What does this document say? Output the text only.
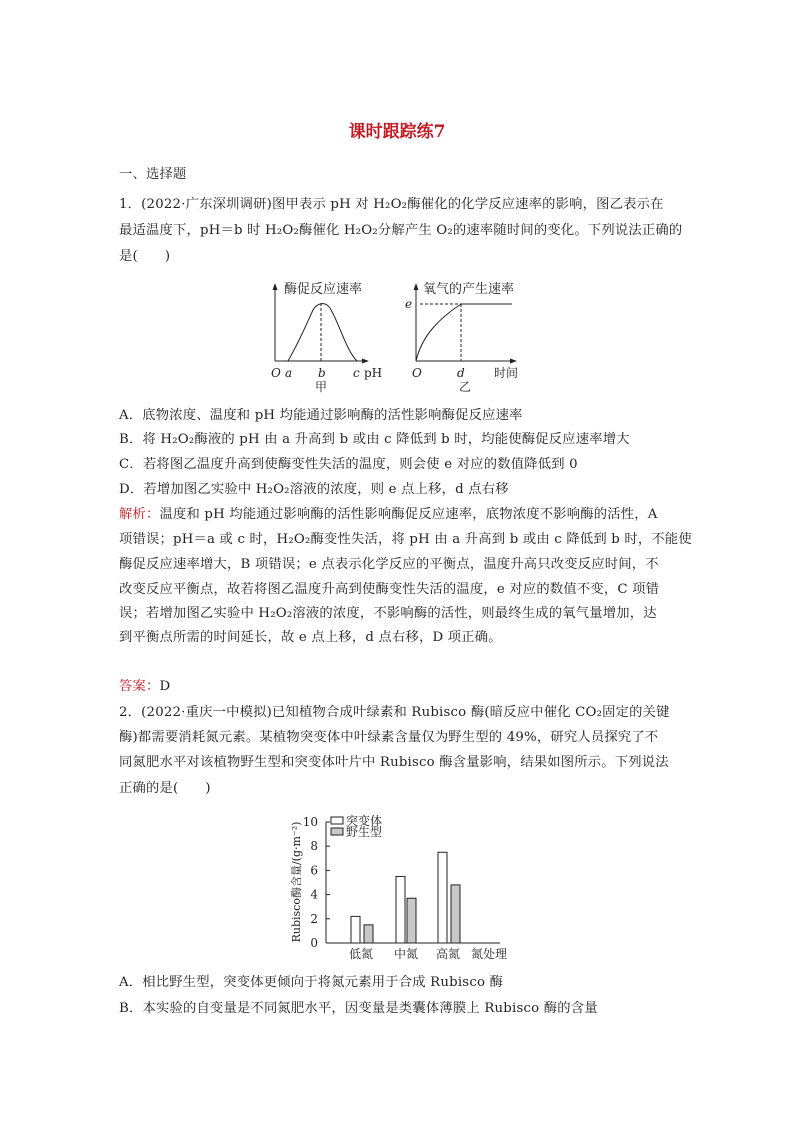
课时跟踪练7
一、选择题
1．(2022·广东深圳调研)图甲表示 pH 对 H₂O₂酶催化的化学反应速率的影响，图乙表示在
最适温度下，pH＝b 时 H₂O₂酶催化 H₂O₂分解产生 O₂的速率随时间的变化。下列说法正确的
是(　　)
酶促反应速率
O a b c pH
甲
氧气的产生速率
e
O	d 时间
乙
A．底物浓度、温度和 pH 均能通过影响酶的活性影响酶促反应速率
B．将 H₂O₂酶液的 pH 由 a 升高到 b 或由 c 降低到 b 时，均能使酶促反应速率增大
C．若将图乙温度升高到使酶变性失活的温度，则会使 e 对应的数值降低到 0
D．若增加图乙实验中 H₂O₂溶液的浓度，则 e 点上移，d 点右移
解析：温度和 pH 均能通过影响酶的活性影响酶促反应速率，底物浓度不影响酶的活性，A
项错误；pH＝a 或 c 时，H₂O₂酶变性失活，将 pH 由 a 升高到 b 或由 c 降低到 b 时，不能使
酶促反应速率增大，B 项错误；e 点表示化学反应的平衡点，温度升高只改变反应时间，不
改变反应平衡点，故若将图乙温度升高到使酶变性失活的温度，e 对应的数值不变，C 项错
误；若增加图乙实验中 H₂O₂溶液的浓度，不影响酶的活性，则最终生成的氧气量增加，达
到平衡点所需的时间延长，故 e 点上移，d 点右移，D 项正确。
答案：D
2．(2022·重庆一中模拟)已知植物合成叶绿素和 Rubisco 酶(暗反应中催化 CO₂固定的关键
酶)都需要消耗氮元素。某植物突变体中叶绿素含量仅为野生型的 49%，研究人员探究了不
同氮肥水平对该植物野生型和突变体叶片中 Rubisco 酶含量影响，结果如图所示。下列说法
正确的是(　　)
Rubisco酶含量/(g·m⁻²)
氮处理
0
2
4
6
8
10
低氮 中氮 高氮
突变体
野生型
A．相比野生型，突变体更倾向于将氮元素用于合成 Rubisco 酶
B．本实验的自变量是不同氮肥水平，因变量是类囊体薄膜上 Rubisco 酶的含量
